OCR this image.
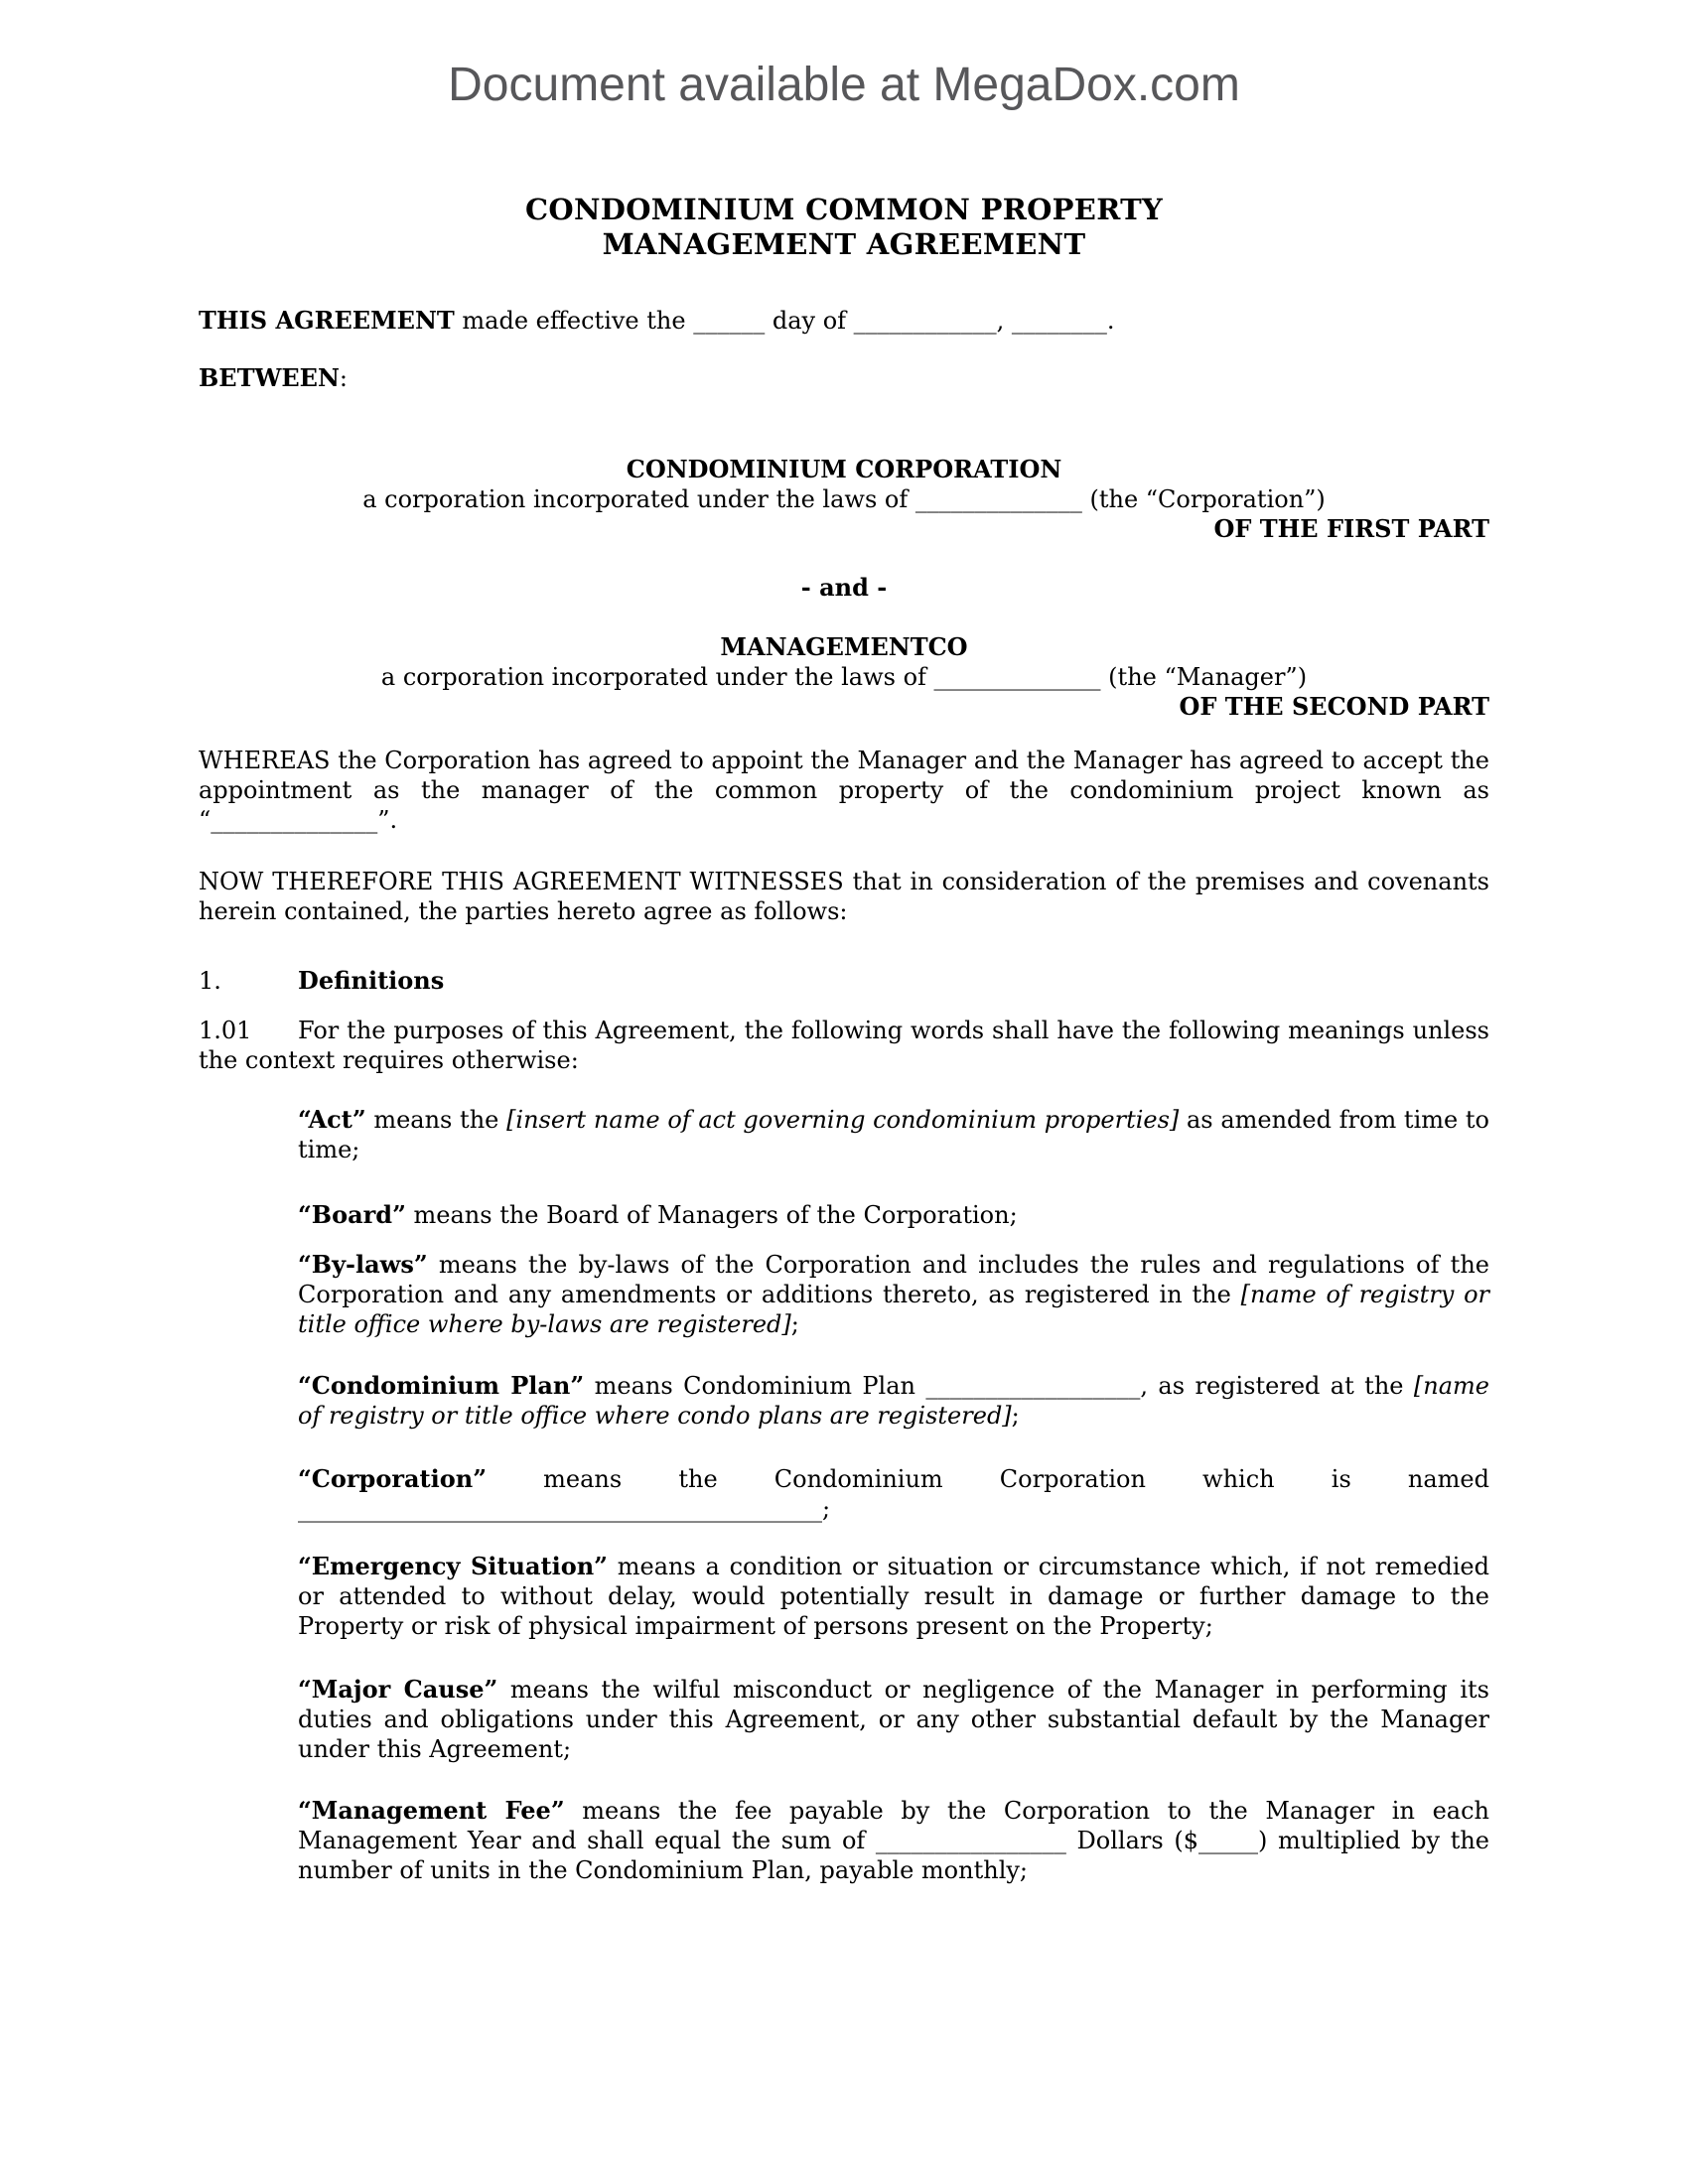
Document available at MegaDox.com
CONDOMINIUM COMMON PROPERTY
MANAGEMENT AGREEMENT

THIS AGREEMENT made effective the ______ day of ____________, ________.

BETWEEN:

CONDOMINIUM CORPORATION
a corporation incorporated under the laws of ______________ (the “Corporation”)
OF THE FIRST PART
- and -
MANAGEMENTCO
a corporation incorporated under the laws of ______________ (the “Manager”)
OF THE SECOND PART

WHEREAS the Corporation has agreed to appoint the Manager and the Manager has agreed to accept the appointment as the manager of the common property of the condominium project known as

“______________”.

NOW THEREFORE THIS AGREEMENT WITNESSES that in consideration of the premises and covenants herein contained, the parties hereto agree as follows:

1.	Definitions

1.01 For the purposes of this Agreement, the following words shall have the following meanings unless the context requires otherwise:

“Act” means the [insert name of act governing condominium properties] as amended from time to time;

“Board” means the Board of Managers of the Corporation;

“By-laws” means the by-laws of the Corporation and includes the rules and regulations of the Corporation and any amendments or additions thereto, as registered in the [name of registry or title office where by-laws are registered];

“Condominium Plan” means Condominium Plan __________________, as registered at the [name of registry or title office where condo plans are registered];

“Corporation” means the Condominium Corporation which is named

____________________________________________;

“Emergency Situation” means a condition or situation or circumstance which, if not remedied or attended to without delay, would potentially result in damage or further damage to the Property or risk of physical impairment of persons present on the Property;

“Major Cause” means the wilful misconduct or negligence of the Manager in performing its duties and obligations under this Agreement, or any other substantial default by the Manager under this Agreement;

“Management Fee” means the fee payable by the Corporation to the Manager in each Management Year and shall equal the sum of ________________ Dollars ($_____) multiplied by the number of units in the Condominium Plan, payable monthly;
